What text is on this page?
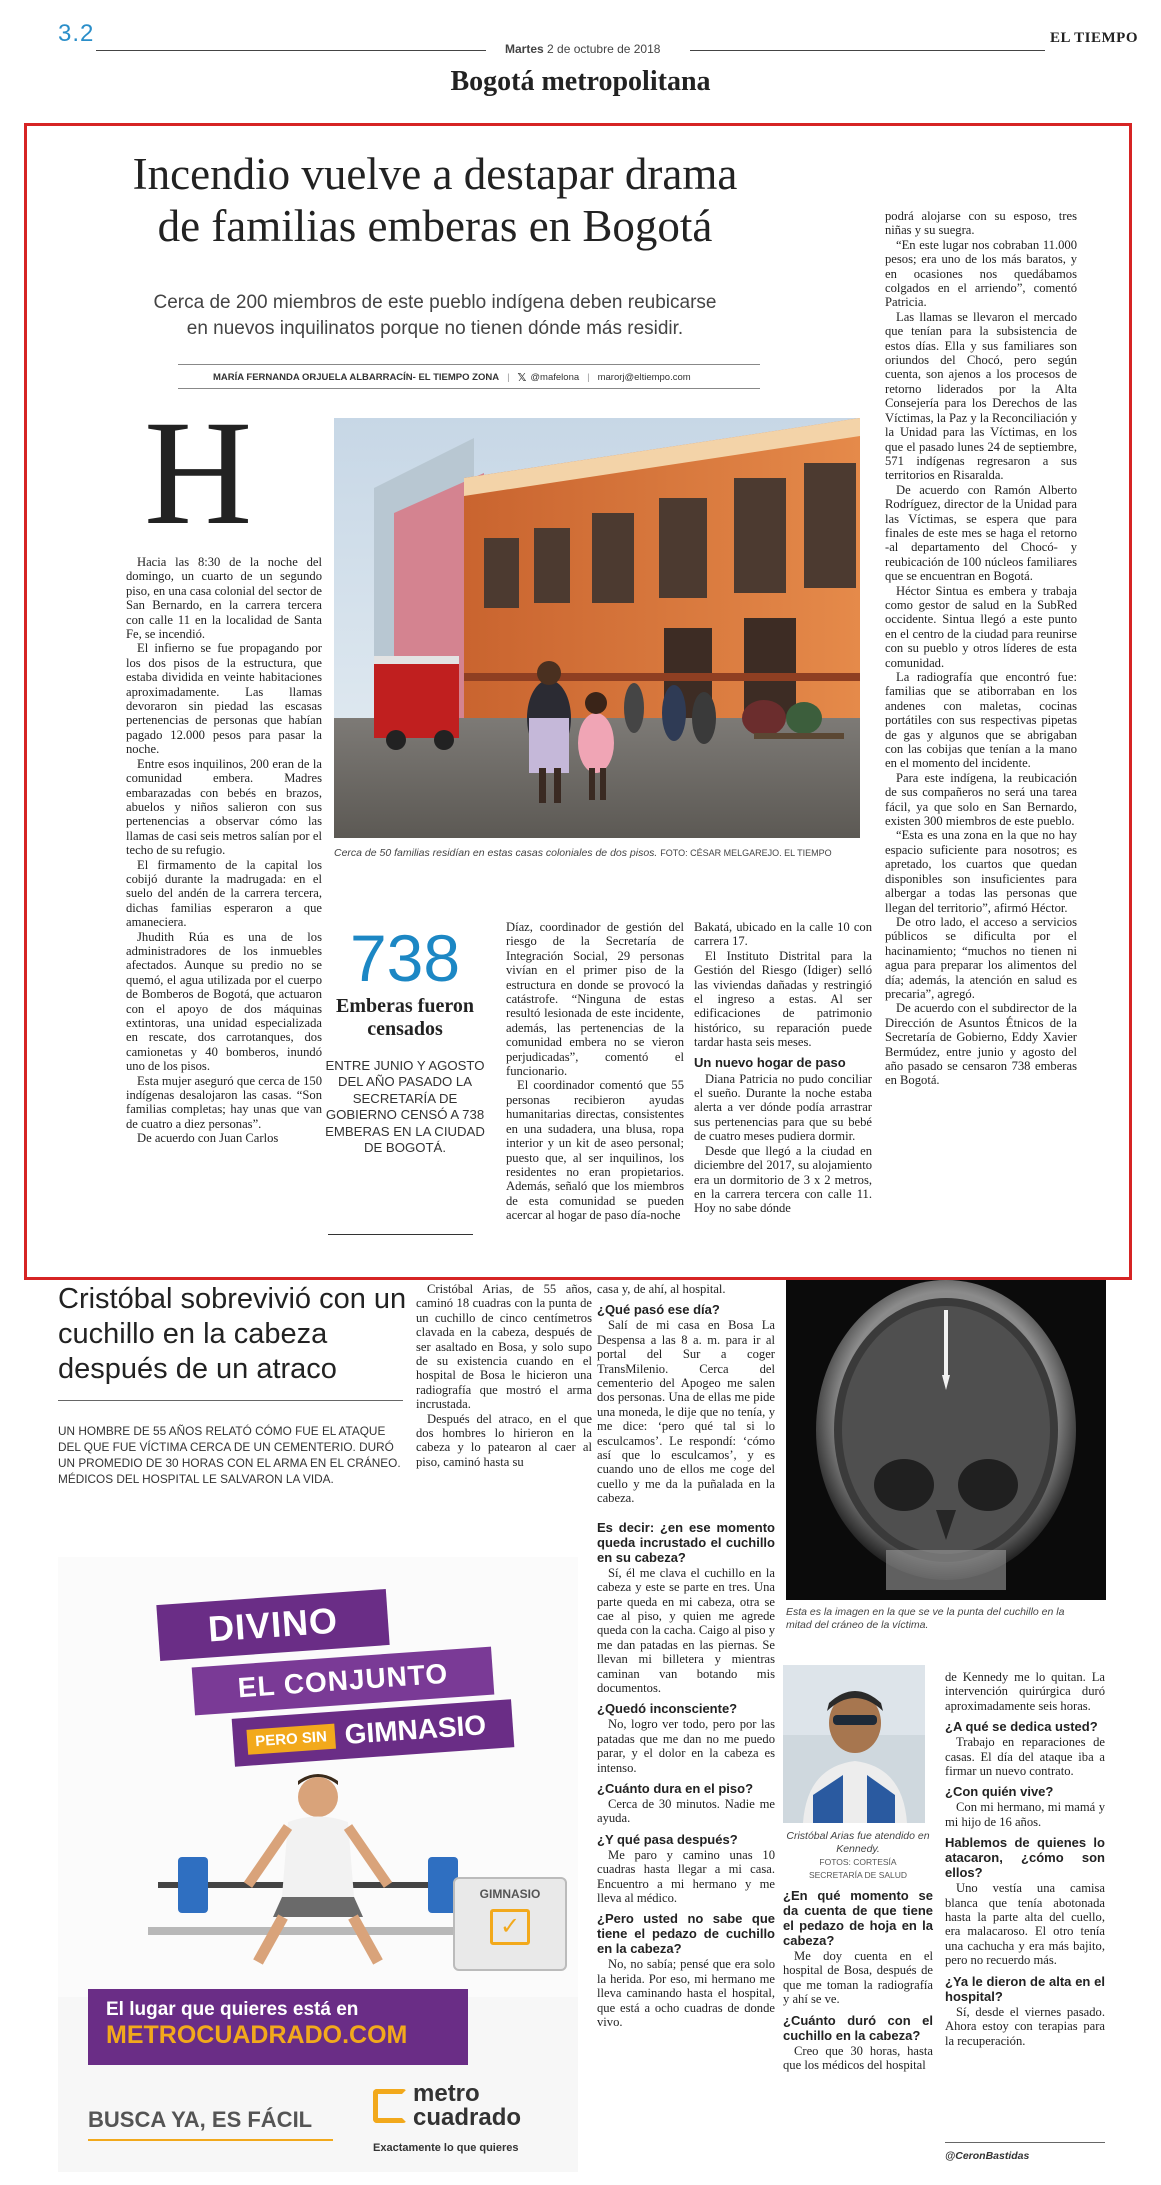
3.2
Martes 2 de octubre de 2018
EL TIEMPO
Bogotá metropolitana
Incendio vuelve a destapar drama
de familias emberas en Bogotá
Cerca de 200 miembros de este pueblo indígena deben reubicarse
en nuevos inquilinatos porque no tienen dónde más residir.
MARÍA FERNANDA ORJUELA ALBARRACÍN- EL TIEMPO ZONA | 𝕏 @mafelona | marorj@eltiempo.com
H

Hacia las 8:30 de la noche del domingo, un cuarto de un segundo piso, en una casa colonial del sector de San Bernardo, en la carrera tercera con calle 11 en la localidad de Santa Fe, se incendió.

El infierno se fue propagando por los dos pisos de la estructura, que estaba dividida en veinte habitaciones aproximadamente. Las llamas devoraron sin piedad las escasas pertenencias de personas que habían pagado 12.000 pesos para pasar la noche.

Entre esos inquilinos, 200 eran de la comunidad embera. Madres embarazadas con bebés en brazos, abuelos y niños salieron con sus pertenencias a observar cómo las llamas de casi seis metros salían por el techo de su refugio.

El firmamento de la capital los cobijó durante la madrugada: en el suelo del andén de la carrera tercera, dichas familias esperaron a que amaneciera.

Jhudith Rúa es una de los administradores de los inmuebles afectados. Aunque su predio no se quemó, el agua utilizada por el cuerpo de Bomberos de Bogotá, que actuaron con el apoyo de dos máquinas extintoras, una unidad especializada en rescate, dos carrotanques, dos camionetas y 40 bomberos, inundó uno de los pisos.

Esta mujer aseguró que cerca de 150 indígenas desalojaron las casas. “Son familias completas; hay unas que van de cuatro a diez personas”.

De acuerdo con Juan Carlos

Cerca de 50 familias residían en estas casas coloniales de dos pisos. FOTO: CÉSAR MELGAREJO. EL TIEMPO
738
Emberas fueron censados
ENTRE JUNIO Y AGOSTO DEL AÑO PASADO LA SECRETARÍA DE GOBIERNO CENSÓ A 738 EMBERAS EN LA CIUDAD DE BOGOTÁ.

Díaz, coordinador de gestión del riesgo de la Secretaría de Integración Social, 29 personas vivían en el primer piso de la estructura en donde se provocó la catástrofe. “Ninguna de estas resultó lesionada de este incidente, además, las pertenencias de la comunidad embera no se vieron perjudicadas”, comentó el funcionario.

El coordinador comentó que 55 personas recibieron ayudas humanitarias directas, consistentes en una sudadera, una blusa, ropa interior y un kit de aseo personal; puesto que, al ser inquilinos, los residentes no eran propietarios. Además, señaló que los miembros de esta comunidad se pueden acercar al hogar de paso día-noche

Bakatá, ubicado en la calle 10 con carrera 17.

El Instituto Distrital para la Gestión del Riesgo (Idiger) selló las viviendas dañadas y restringió el ingreso a estas. Al ser edificaciones de patrimonio histórico, su reparación puede tardar hasta seis meses.

Un nuevo hogar de paso

Diana Patricia no pudo conciliar el sueño. Durante la noche estaba alerta a ver dónde podía arrastrar sus pertenencias para que su bebé de cuatro meses pudiera dormir.

Desde que llegó a la ciudad en diciembre del 2017, su alojamiento era un dormitorio de 3 x 2 metros, en la carrera tercera con calle 11. Hoy no sabe dónde

podrá alojarse con su esposo, tres niñas y su suegra.

“En este lugar nos cobraban 11.000 pesos; era uno de los más baratos, y en ocasiones nos quedábamos colgados en el arriendo”, comentó Patricia.

Las llamas se llevaron el mercado que tenían para la subsistencia de estos días. Ella y sus familiares son oriundos del Chocó, pero según cuenta, son ajenos a los procesos de retorno liderados por la Alta Consejería para los Derechos de las Víctimas, la Paz y la Reconciliación y la Unidad para las Víctimas, en los que el pasado lunes 24 de septiembre, 571 indígenas regresaron a sus territorios en Risaralda.

De acuerdo con Ramón Alberto Rodríguez, director de la Unidad para las Víctimas, se espera que para finales de este mes se haga el retorno -al departamento del Chocó- y reubicación de 100 núcleos familiares que se encuentran en Bogotá.

Héctor Sintua es embera y trabaja como gestor de salud en la SubRed occidente. Sintua llegó a este punto en el centro de la ciudad para reunirse con su pueblo y otros líderes de esta comunidad.

La radiografía que encontró fue: familias que se atiborraban en los andenes con maletas, cocinas portátiles con sus respectivas pipetas de gas y algunos que se abrigaban con las cobijas que tenían a la mano en el momento del incidente.

Para este indígena, la reubicación de sus compañeros no será una tarea fácil, ya que solo en San Bernardo, existen 300 miembros de este pueblo.

“Esta es una zona en la que no hay espacio suficiente para nosotros; es apretado, los cuartos que quedan disponibles son insuficientes para albergar a todas las personas que llegan del territorio”, afirmó Héctor.

De otro lado, el acceso a servicios públicos se dificulta por el hacinamiento; “muchos no tienen ni agua para preparar los alimentos del día; además, la atención en salud es precaria”, agregó.

De acuerdo con el subdirector de la Dirección de Asuntos Étnicos de la Secretaría de Gobierno, Eddy Xavier Bermúdez, entre junio y agosto del año pasado se censaron 738 emberas en Bogotá.

Cristóbal sobrevivió con un cuchillo en la cabeza después de un atraco
UN HOMBRE DE 55 AÑOS RELATÓ CÓMO FUE EL ATAQUE DEL QUE FUE VÍCTIMA CERCA DE UN CEMENTERIO. DURÓ UN PROMEDIO DE 30 HORAS CON EL ARMA EN EL CRÁNEO. MÉDICOS DEL HOSPITAL LE SALVARON LA VIDA.

Cristóbal Arias, de 55 años, caminó 18 cuadras con la punta de un cuchillo de cinco centímetros clavada en la cabeza, después de ser asaltado en Bosa, y solo supo de su existencia cuando en el hospital de Bosa le hicieron una radiografía que mostró el arma incrustada.

Después del atraco, en el que dos hombres lo hirieron en la cabeza y lo patearon al caer al piso, caminó hasta su

casa y, de ahí, al hospital.

¿Qué pasó ese día?

Salí de mi casa en Bosa La Despensa a las 8 a. m. para ir al portal del Sur a coger TransMilenio. Cerca del cementerio del Apogeo me salen dos personas. Una de ellas me pide una moneda, le dije que no tenía, y me dice: ‘pero qué tal si lo esculcamos’. Le respondí: ‘cómo así que lo esculcamos’, y es cuando uno de ellos me coge del cuello y me da la puñalada en la cabeza.

Es decir: ¿en ese momento queda incrustado el cuchillo en su cabeza?

Sí, él me clava el cuchillo en la cabeza y este se parte en tres. Una parte queda en mi cabeza, otra se cae al piso, y quien me agrede queda con la cacha. Caigo al piso y me dan patadas en las piernas. Se llevan mi billetera y mientras caminan van botando mis documentos.

¿Quedó inconsciente?

No, logro ver todo, pero por las patadas que me dan no me puedo parar, y el dolor en la cabeza es intenso.

¿Cuánto dura en el piso?

Cerca de 30 minutos. Nadie me ayuda.

¿Y qué pasa después?

Me paro y camino unas 10 cuadras hasta llegar a mi casa. Encuentro a mi hermano y me lleva al médico.

¿Pero usted no sabe que tiene el pedazo de cuchillo en la cabeza?

No, no sabía; pensé que era solo la herida. Por eso, mi hermano me lleva caminando hasta el hospital, que está a ocho cuadras de donde vivo.

Esta es la imagen en la que se ve la punta del cuchillo en la mitad del cráneo de la víctima.
Cristóbal Arias fue atendido en Kennedy.
FOTOS: CORTESÍA
SECRETARÍA DE SALUD
¿En qué momento se da cuenta de que tiene el pedazo de hoja en la cabeza?

Me doy cuenta en el hospital de Bosa, después de que me toman la radiografía y ahí se ve.

¿Cuánto duró con el cuchillo en la cabeza?

Creo que 30 horas, hasta que los médicos del hospital

de Kennedy me lo quitan. La intervención quirúrgica duró aproximadamente seis horas.

¿A qué se dedica usted?

Trabajo en reparaciones de casas. El día del ataque iba a firmar un nuevo contrato.

¿Con quién vive?

Con mi hermano, mi mamá y mi hijo de 16 años.

Hablemos de quienes lo atacaron, ¿cómo son ellos?

Uno vestía una camisa blanca que tenía abotonada hasta la parte alta del cuello, era malacaroso. El otro tenía una cachucha y era más bajito, pero no recuerdo más.

¿Ya le dieron de alta en el hospital?

Sí, desde el viernes pasado. Ahora estoy con terapias para la recuperación.

@CeronBastidas
DIVINO
EL CONJUNTO
PERO SIN GIMNASIO
GIMNASIO
✓
El lugar que quieres está en
METROCUADRADO.COM
BUSCA YA, ES FÁCIL
metro
cuadrado
Exactamente lo que quieres
